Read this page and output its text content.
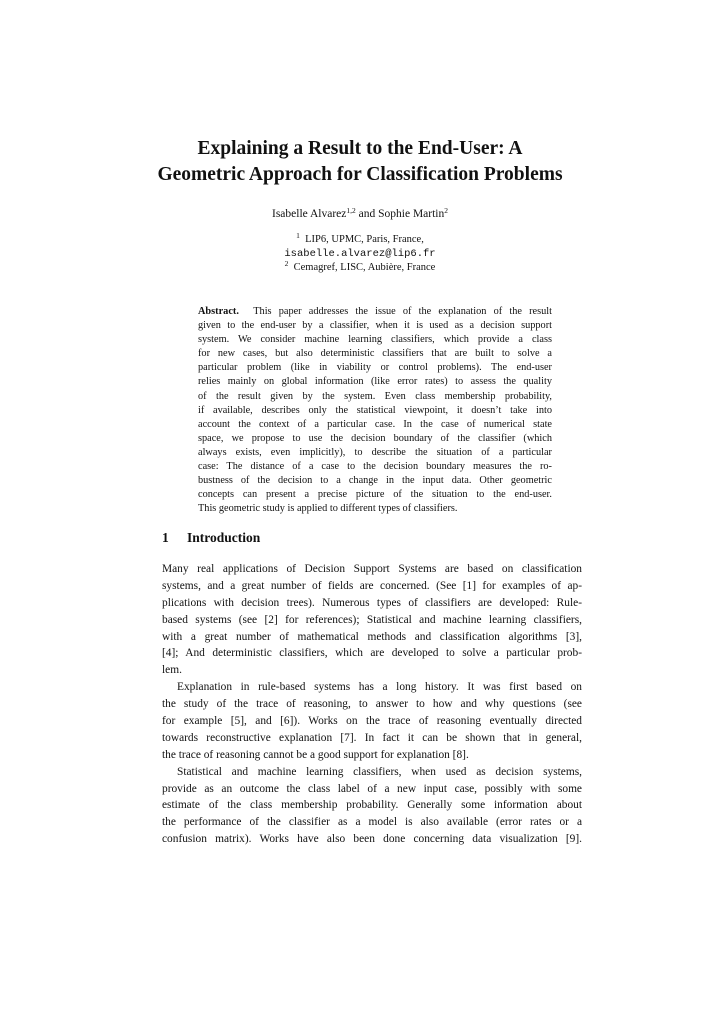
Explaining a Result to the End-User: A
Geometric Approach for Classification Problems
Isabelle Alvarez$^{1,2}$ and Sophie Martin$^2$
$^1$ LIP6, UPMC, Paris, France,
isabelle.alvarez@lip6.fr
$^2$ Cemagref, LISC, Aubière, France
Abstract. This paper addresses the issue of the explanation of the result
given to the end-user by a classifier, when it is used as a decision support
system. We consider machine learning classifiers, which provide a class
for new cases, but also deterministic classifiers that are built to solve a
particular problem (like in viability or control problems). The end-user
relies mainly on global information (like error rates) to assess the quality
of the result given by the system. Even class membership probability,
if available, describes only the statistical viewpoint, it doesn’t take into
account the context of a particular case. In the case of numerical state
space, we propose to use the decision boundary of the classifier (which
always exists, even implicitly), to describe the situation of a particular
case: The distance of a case to the decision boundary measures the ro-
bustness of the decision to a change in the input data. Other geometric
concepts can present a precise picture of the situation to the end-user.
This geometric study is applied to different types of classifiers.
1 Introduction
Many real applications of Decision Support Systems are based on classification
systems, and a great number of fields are concerned. (See [1] for examples of ap-
plications with decision trees). Numerous types of classifiers are developed: Rule-
based systems (see [2] for references); Statistical and machine learning classifiers,
with a great number of mathematical methods and classification algorithms [3],
[4]; And deterministic classifiers, which are developed to solve a particular prob-
lem.
Explanation in rule-based systems has a long history. It was first based on
the study of the trace of reasoning, to answer to how and why questions (see
for example [5], and [6]). Works on the trace of reasoning eventually directed
towards reconstructive explanation [7]. In fact it can be shown that in general,
the trace of reasoning cannot be a good support for explanation [8].
Statistical and machine learning classifiers, when used as decision systems,
provide as an outcome the class label of a new input case, possibly with some
estimate of the class membership probability. Generally some information about
the performance of the classifier as a model is also available (error rates or a
confusion matrix). Works have also been done concerning data visualization [9].
